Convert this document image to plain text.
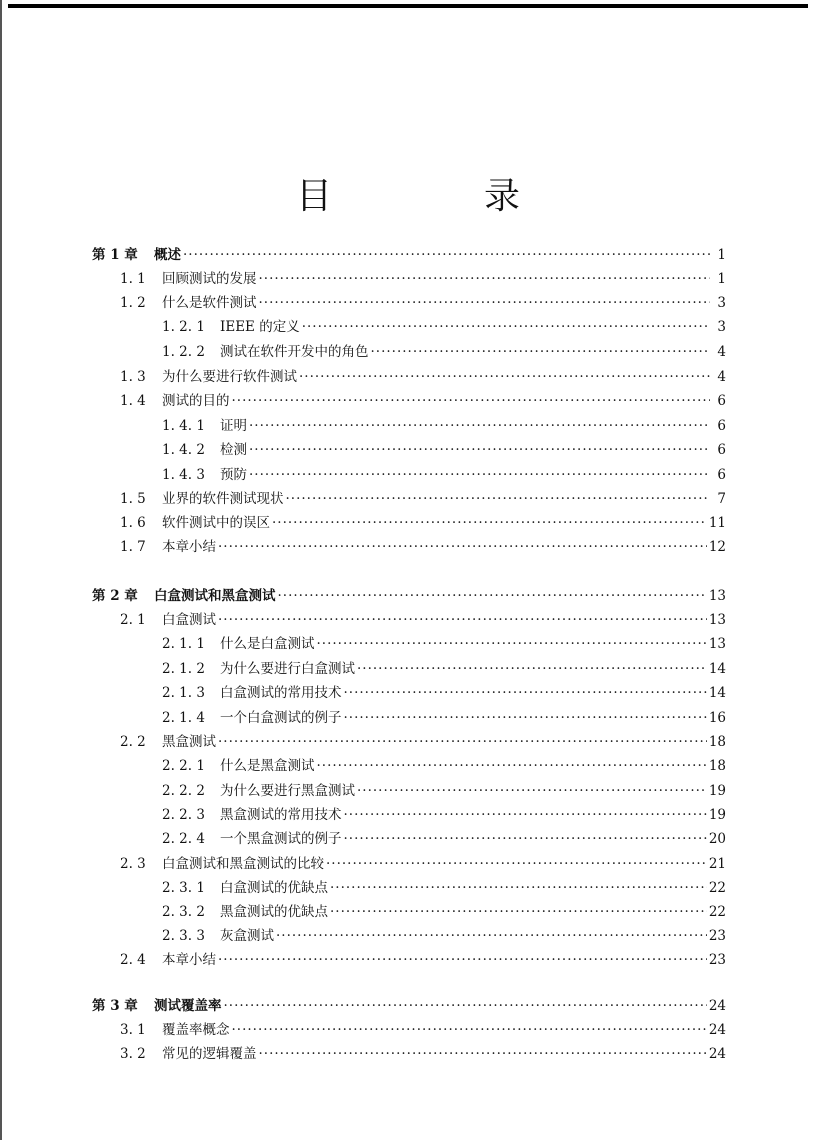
目　录
第 1 章	概述 ·····	1
1. 1	回顾测试的发展 ·····	1
1. 2	什么是软件测试 ·····	3
1. 2. 1	IEEE 的定义 ·····	3
1. 2. 2	测试在软件开发中的角色 ·····	4
1. 3	为什么要进行软件测试 ·····	4
1. 4	测试的目的 ·····	6
1. 4. 1	证明 ·····	6
1. 4. 2	检测 ·····	6
1. 4. 3	预防 ·····	6
1. 5	业界的软件测试现状 ·····	7
1. 6	软件测试中的误区 ·····	11
1. 7	本章小结 ·····	12
第 2 章	白盒测试和黑盒测试 ·····	13
2. 1	白盒测试 ·····	13
2. 1. 1	什么是白盒测试 ·····	13
2. 1. 2	为什么要进行白盒测试 ·····	14
2. 1. 3	白盒测试的常用技术 ·····	14
2. 1. 4	一个白盒测试的例子 ·····	16
2. 2	黑盒测试 ·····	18
2. 2. 1	什么是黑盒测试 ·····	18
2. 2. 2	为什么要进行黑盒测试 ·····	19
2. 2. 3	黑盒测试的常用技术 ·····	19
2. 2. 4	一个黑盒测试的例子 ·····	20
2. 3	白盒测试和黑盒测试的比较 ·····	21
2. 3. 1	白盒测试的优缺点 ·····	22
2. 3. 2	黑盒测试的优缺点 ·····	22
2. 3. 3	灰盒测试 ·····	23
2. 4	本章小结 ·····	23
第 3 章	测试覆盖率 ·····	24
3. 1	覆盖率概念 ·····	24
3. 2	常见的逻辑覆盖 ·····	24
